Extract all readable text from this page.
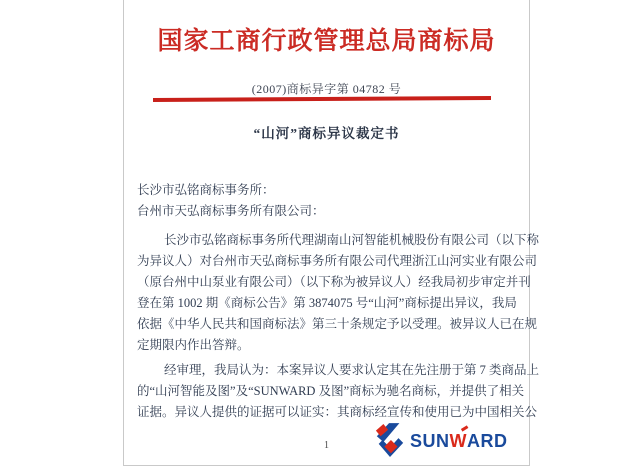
国家工商行政管理总局商标局
(2007)商标异字第 04782 号
“山河”商标异议裁定书
长沙市弘铭商标事务所：
台州市天弘商标事务所有限公司：
长沙市弘铭商标事务所代理湖南山河智能机械股份有限公司（以下称
为异议人）对台州市天弘商标事务所有限公司代理浙江山河实业有限公司
（原台州中山泵业有限公司）（以下称为被异议人）经我局初步审定并刊
登在第 1002 期《商标公告》第 3874075 号“山河”商标提出异议，我局
依据《中华人民共和国商标法》第三十条规定予以受理。被异议人已在规
定期限内作出答辩。
经审理，我局认为：本案异议人要求认定其在先注册于第 7 类商品上
的“山河智能及图”及“SUNWARD 及图”商标为驰名商标，并提供了相关
证据。异议人提供的证据可以证实：其商标经宣传和使用已为中国相关公
1	SUNW
ARD
